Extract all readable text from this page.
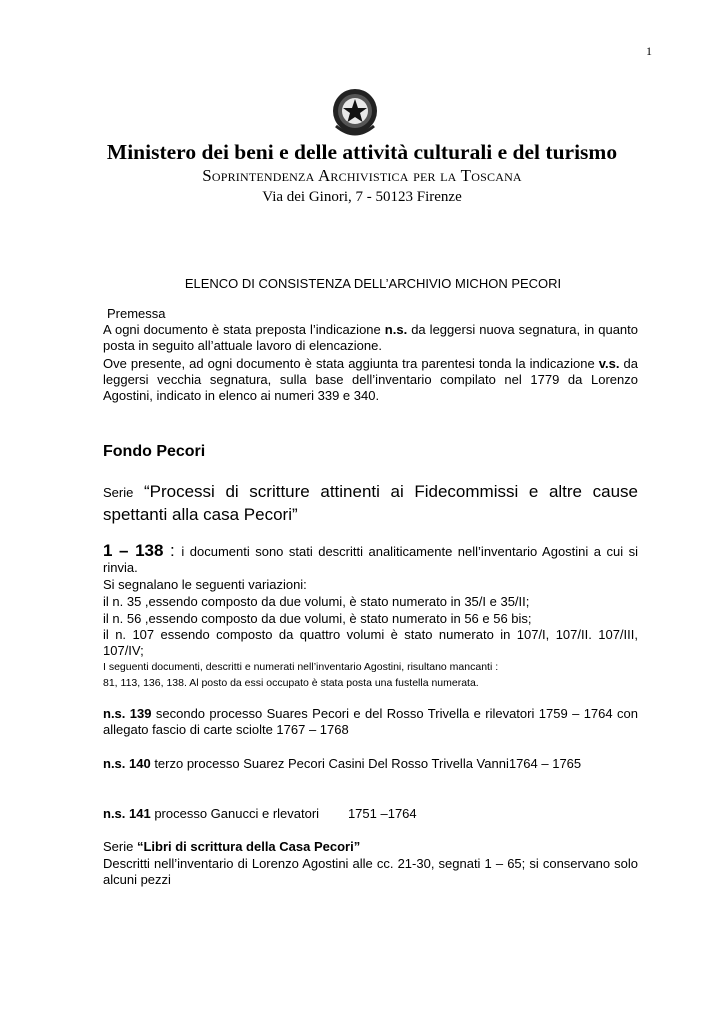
1
Ministero dei beni e delle attività culturali e del turismo
Soprintendenza Archivistica per la Toscana
Via dei Ginori, 7 - 50123 Firenze
ELENCO DI CONSISTENZA DELL’ARCHIVIO MICHON PECORI
Premessa
A ogni documento è stata preposta l’indicazione n.s. da leggersi nuova segnatura, in quanto posta in seguito all’attuale lavoro di elencazione.
Ove presente, ad ogni documento è stata aggiunta tra parentesi tonda la indicazione v.s. da leggersi vecchia segnatura, sulla base dell’inventario compilato nel 1779 da Lorenzo Agostini, indicato in elenco ai numeri 339 e 340.
Fondo Pecori
Serie “Processi di scritture attinenti ai Fidecommissi e altre cause spettanti alla casa Pecori”
1 – 138 : i documenti sono stati descritti analiticamente nell’inventario Agostini a cui si rinvia.
Si segnalano le seguenti variazioni:
il n. 35 ,essendo composto da due volumi, è stato numerato in 35/I e 35/II;
il n. 56 ,essendo composto da due volumi, è stato numerato in 56 e 56 bis;
il n. 107 essendo composto da quattro volumi è stato numerato in 107/I, 107/II. 107/III, 107/IV;
I seguenti documenti, descritti e numerati nell’inventario Agostini, risultano mancanti :
81, 113, 136, 138. Al posto da essi occupato è stata posta una fustella numerata.
n.s. 139 secondo processo Suares Pecori e del Rosso Trivella e rilevatori 1759 – 1764 con allegato fascio di carte sciolte 1767 – 1768
n.s. 140 terzo processo Suarez Pecori Casini Del Rosso Trivella Vanni1764 – 1765
n.s. 141 processo Ganucci e rlevatori        1751 –1764
Serie “Libri di scrittura della Casa Pecori”
Descritti nell’inventario di Lorenzo Agostini alle cc. 21-30, segnati 1 – 65; si conservano solo alcuni pezzi
